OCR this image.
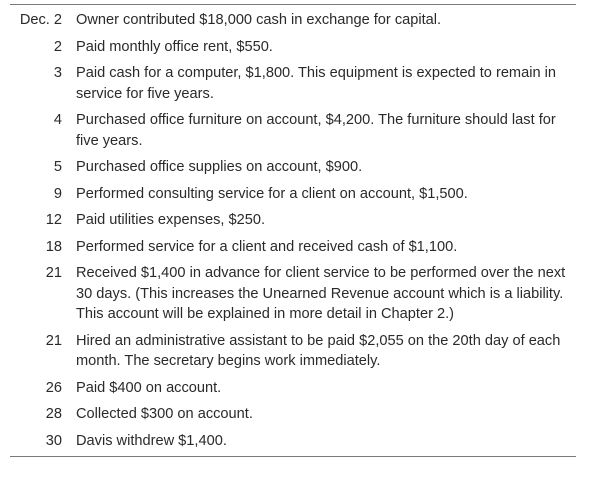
Dec. 2 Owner contributed $18,000 cash in exchange for capital.
2 Paid monthly office rent, $550.
3 Paid cash for a computer, $1,800. This equipment is expected to remain in service for five years.
4 Purchased office furniture on account, $4,200. The furniture should last for five years.
5 Purchased office supplies on account, $900.
9 Performed consulting service for a client on account, $1,500.
12 Paid utilities expenses, $250.
18 Performed service for a client and received cash of $1,100.
21 Received $1,400 in advance for client service to be performed over the next 30 days. (This increases the Unearned Revenue account which is a liability. This account will be explained in more detail in Chapter 2.)
21 Hired an administrative assistant to be paid $2,055 on the 20th day of each month. The secretary begins work immediately.
26 Paid $400 on account.
28 Collected $300 on account.
30 Davis withdrew $1,400.
